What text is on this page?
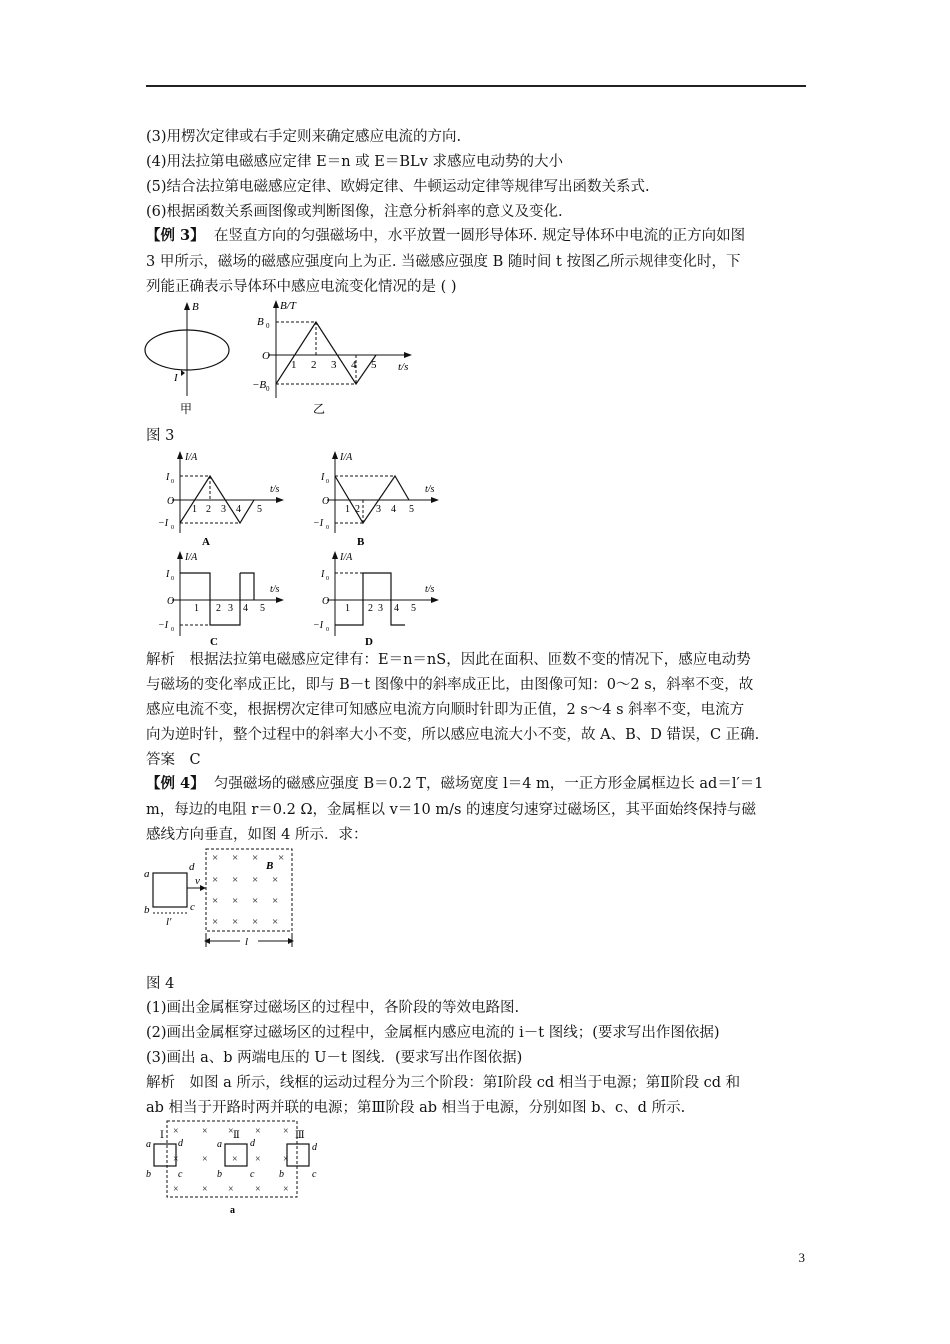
(3)用楞次定律或右手定则来确定感应电流的方向.
(4)用法拉第电磁感应定律 E＝n 或 E＝BLv 求感应电动势的大小
(5)结合法拉第电磁感应定律、欧姆定律、牛顿运动定律等规律写出函数关系式.
(6)根据函数关系画图像或判断图像，注意分析斜率的意义及变化.
【例 3】 在竖直方向的匀强磁场中，水平放置一圆形导体环. 规定导体环中电流的正方向如图
3 甲所示，磁场的磁感应强度向上为正. 当磁感应强度 B 随时间 t 按图乙所示规律变化时，下
列能正确表示导体环中感应电流变化情况的是 ( )
B
I
甲
B/T
t/s
O
B 0
−B 0
1 2 3 4 5
乙
图 3
I/A
t/s
O
I 0
−I 0
1 2 3 4 5
A
I/A
t/s
O
I 0
−I 0
1 2 3 4 5
B
I/A
t/s
O
I 0
−I 0
1 2 3 4 5
C
I/A
t/s
O
I 0
−I 0
1 2 3 4 5
D
解析　根据法拉第电磁感应定律有：E＝n＝nS，因此在面积、匝数不变的情况下，感应电动势
与磁场的变化率成正比，即与 B－t 图像中的斜率成正比，由图像可知：0～2 s，斜率不变，故
感应电流不变，根据楞次定律可知感应电流方向顺时针即为正值，2 s～4 s 斜率不变，电流方
向为逆时针，整个过程中的斜率大小不变，所以感应电流大小不变，故 A、B、D 错误，C 正确.
答案　C
【例 4】 匀强磁场的磁感应强度 B＝0.2 T，磁场宽度 l＝4 m，一正方形金属框边长 ad＝l′＝1
m，每边的电阻 r＝0.2 Ω，金属框以 v＝10 m/s 的速度匀速穿过磁场区，其平面始终保持与磁
感线方向垂直，如图 4 所示．求：
a
d
b	c
v
l′
× × × ×
× × × ×
× × × ×
× × × ×
B
l
图 4
(1)画出金属框穿过磁场区的过程中，各阶段的等效电路图.
(2)画出金属框穿过磁场区的过程中，金属框内感应电流的 i－t 图线；(要求写出作图依据)
(3)画出 a、b 两端电压的 U－t 图线．(要求写出作图依据)
解析　如图 a 所示，线框的运动过程分为三个阶段：第Ⅰ阶段 cd 相当于电源；第Ⅱ阶段 cd 和
ab 相当于开路时两并联的电源；第Ⅲ阶段 ab 相当于电源，分别如图 b、c、d 所示.
× × × × ×
× × × × ×
× × × × ×
Ⅰ	Ⅱ	Ⅲ
a	d
b	c
a	d
b	c b
d
c
a
3
